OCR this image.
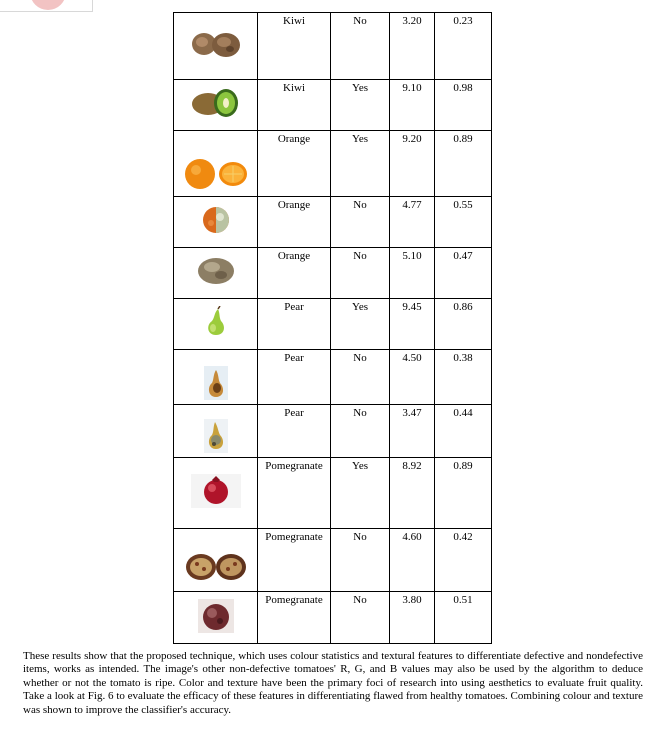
Kiwi	No	3.20	0.23

Kiwi	Yes	9.10	0.98

Orange	Yes	9.20	0.89

Orange	No	4.77	0.55

Orange	No	5.10	0.47

Pear	Yes	9.45	0.86

Pear	No	4.50	0.38

Pear	No	3.47	0.44

Pomegranate	Yes	8.92	0.89

Pomegranate	No	4.60	0.42

Pomegranate	No	3.80	0.51

These results show that the proposed technique, which uses colour statistics and textural features to differentiate defective and nondefective items, works as intended. The image's other non-defective tomatoes' R, G, and B values may also be used by the algorithm to deduce whether or not the tomato is ripe. Color and texture have been the primary foci of research into using aesthetics to evaluate fruit quality. Take a look at Fig. 6 to evaluate the efficacy of these features in differentiating flawed from healthy tomatoes. Combining colour and texture was shown to improve the classifier's accuracy.
